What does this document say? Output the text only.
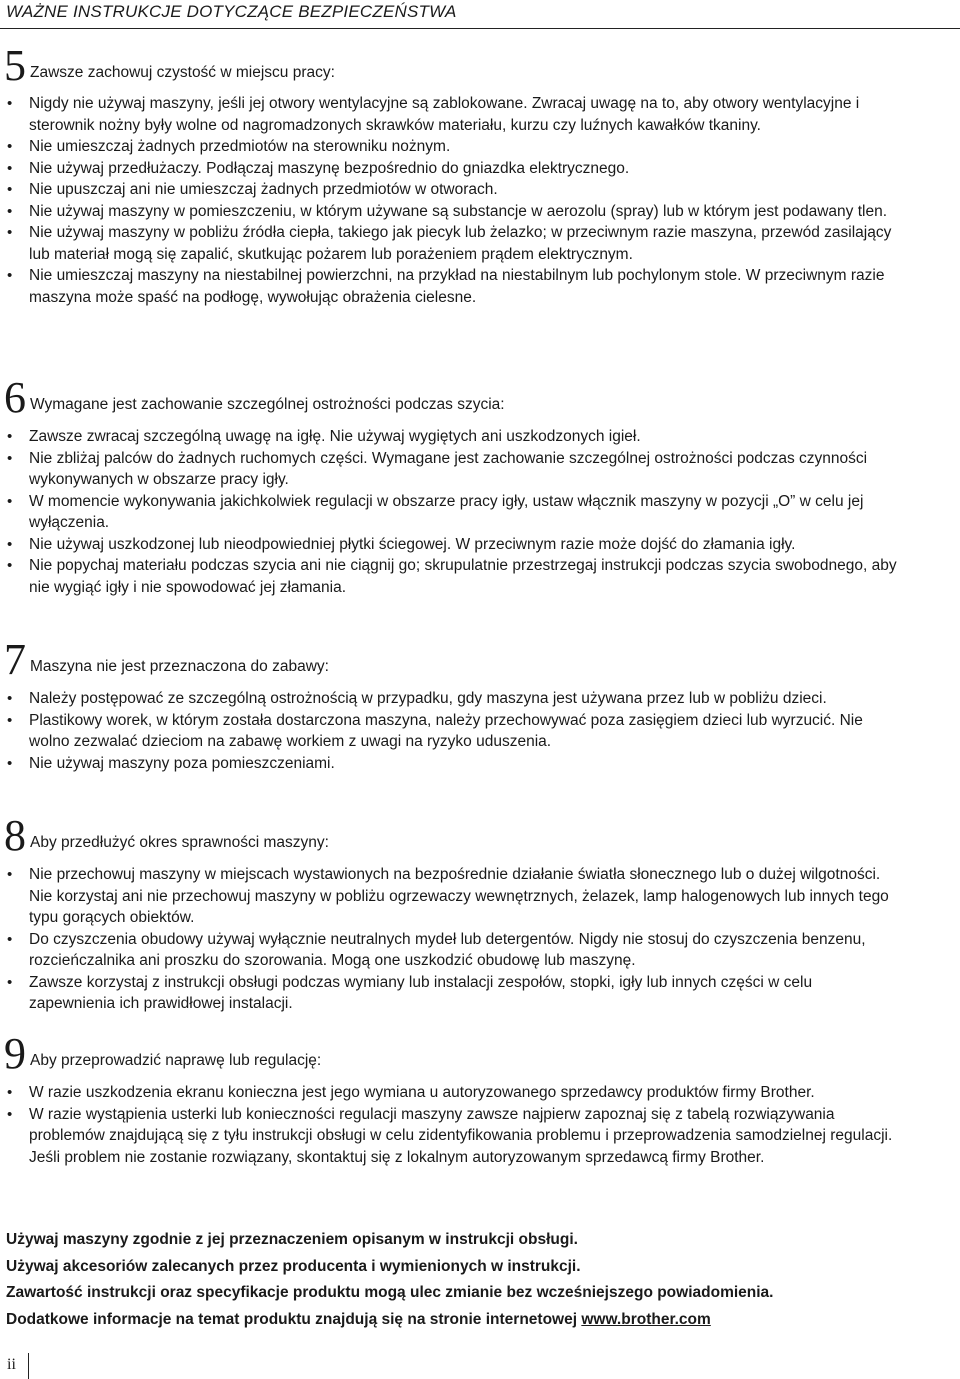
WAŻNE INSTRUKCJE DOTYCZĄCE BEZPIECZEŃSTWA
5 Zawsze zachowuj czystość w miejscu pracy:
• Nigdy nie używaj maszyny, jeśli jej otwory wentylacyjne są zablokowane. Zwracaj uwagę na to, aby otwory wentylacyjne i sterownik nożny były wolne od nagromadzonych skrawków materiału, kurzu czy luźnych kawałków tkaniny.
• Nie umieszczaj żadnych przedmiotów na sterowniku nożnym.
• Nie używaj przedłużaczy. Podłączaj maszynę bezpośrednio do gniazdka elektrycznego.
• Nie upuszczaj ani nie umieszczaj żadnych przedmiotów w otworach.
• Nie używaj maszyny w pomieszczeniu, w którym używane są substancje w aerozolu (spray) lub w którym jest podawany tlen.
• Nie używaj maszyny w pobliżu źródła ciepła, takiego jak piecyk lub żelazko; w przeciwnym razie maszyna, przewód zasilający lub materiał mogą się zapalić, skutkując pożarem lub porażeniem prądem elektrycznym.
• Nie umieszczaj maszyny na niestabilnej powierzchni, na przykład na niestabilnym lub pochylonym stole. W przeciwnym razie maszyna może spaść na podłogę, wywołując obrażenia cielesne.
6 Wymagane jest zachowanie szczególnej ostrożności podczas szycia:
• Zawsze zwracaj szczególną uwagę na igłę. Nie używaj wygiętych ani uszkodzonych igieł.
• Nie zbliżaj palców do żadnych ruchomych części. Wymagane jest zachowanie szczególnej ostrożności podczas czynności wykonywanych w obszarze pracy igły.
• W momencie wykonywania jakichkolwiek regulacji w obszarze pracy igły, ustaw włącznik maszyny w pozycji „O” w celu jej wyłączenia.
• Nie używaj uszkodzonej lub nieodpowiedniej płytki ściegowej. W przeciwnym razie może dojść do złamania igły.
• Nie popychaj materiału podczas szycia ani nie ciągnij go; skrupulatnie przestrzegaj instrukcji podczas szycia swobodnego, aby nie wygiąć igły i nie spowodować jej złamania.
7 Maszyna nie jest przeznaczona do zabawy:
• Należy postępować ze szczególną ostrożnością w przypadku, gdy maszyna jest używana przez lub w pobliżu dzieci.
• Plastikowy worek, w którym została dostarczona maszyna, należy przechowywać poza zasięgiem dzieci lub wyrzucić. Nie wolno zezwalać dzieciom na zabawę workiem z uwagi na ryzyko uduszenia.
• Nie używaj maszyny poza pomieszczeniami.
8 Aby przedłużyć okres sprawności maszyny:
• Nie przechowuj maszyny w miejscach wystawionych na bezpośrednie działanie światła słonecznego lub o dużej wilgotności. Nie korzystaj ani nie przechowuj maszyny w pobliżu ogrzewaczy wewnętrznych, żelazek, lamp halogenowych lub innych tego typu gorących obiektów.
• Do czyszczenia obudowy używaj wyłącznie neutralnych mydeł lub detergentów. Nigdy nie stosuj do czyszczenia benzenu, rozcieńczalnika ani proszku do szorowania. Mogą one uszkodzić obudowę lub maszynę.
• Zawsze korzystaj z instrukcji obsługi podczas wymiany lub instalacji zespołów, stopki, igły lub innych części w celu zapewnienia ich prawidłowej instalacji.
9 Aby przeprowadzić naprawę lub regulację:
• W razie uszkodzenia ekranu konieczna jest jego wymiana u autoryzowanego sprzedawcy produktów firmy Brother.
• W razie wystąpienia usterki lub konieczności regulacji maszyny zawsze najpierw zapoznaj się z tabelą rozwiązywania problemów znajdującą się z tyłu instrukcji obsługi w celu zidentyfikowania problemu i przeprowadzenia samodzielnej regulacji. Jeśli problem nie zostanie rozwiązany, skontaktuj się z lokalnym autoryzowanym sprzedawcą firmy Brother.
Używaj maszyny zgodnie z jej przeznaczeniem opisanym w instrukcji obsługi.
Używaj akcesoriów zalecanych przez producenta i wymienionych w instrukcji.
Zawartość instrukcji oraz specyfikacje produktu mogą ulec zmianie bez wcześniejszego powiadomienia.
Dodatkowe informacje na temat produktu znajdują się na stronie internetowej www.brother.com
ii
